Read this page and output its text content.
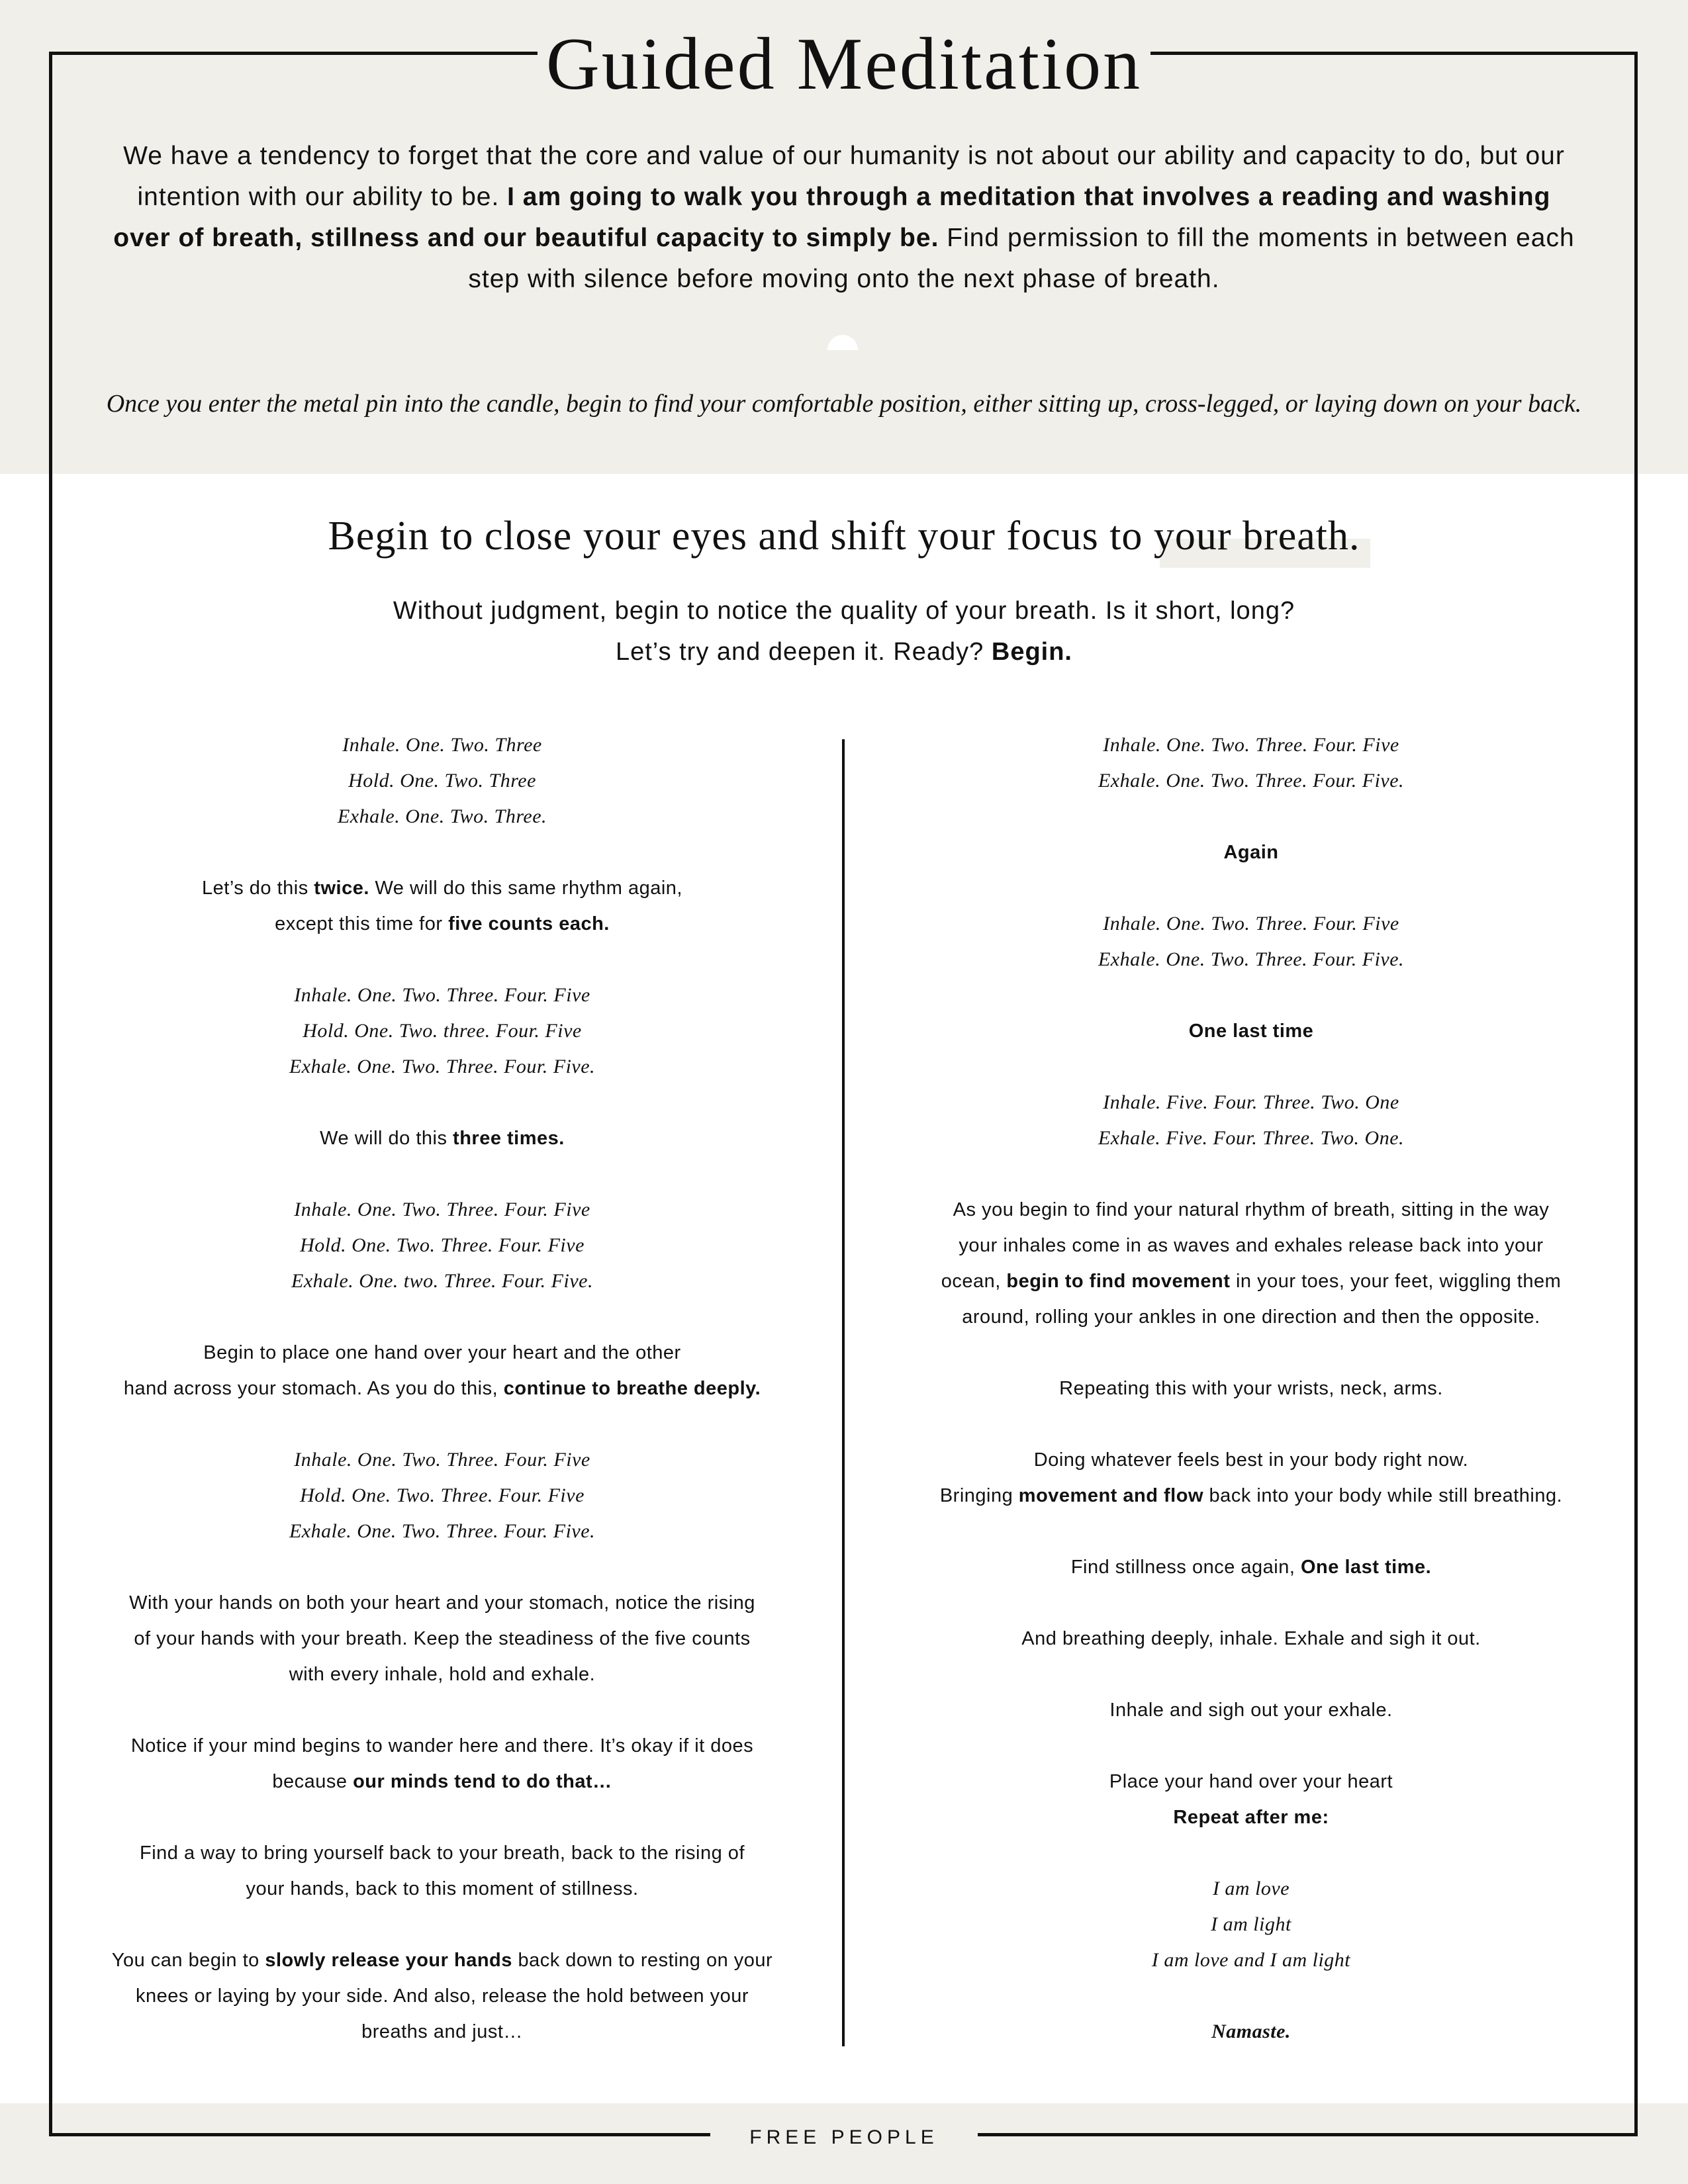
Guided Meditation

We have a tendency to forget that the core and value of our humanity is not about our ability and capacity to do, but our intention with our ability to be. I am going to walk you through a meditation that involves a reading and washing over of breath, stillness and our beautiful capacity to simply be. Find permission to fill the moments in between each step with silence before moving onto the next phase of breath.

Once you enter the metal pin into the candle, begin to find your comfortable position, either sitting up, cross-legged, or laying down on your back.

Begin to close your eyes and shift your focus to your breath.

Without judgment, begin to notice the quality of your breath. Is it short, long?
Let’s try and deepen it. Ready? Begin.

Inhale. One. Two. Three
Hold. One. Two. Three
Exhale. One. Two. Three.

Let’s do this twice. We will do this same rhythm again,
except this time for five counts each.

Inhale. One. Two. Three. Four. Five
Hold. One. Two. three. Four. Five
Exhale. One. Two. Three. Four. Five.

We will do this three times.

Inhale. One. Two. Three. Four. Five
Hold. One. Two. Three. Four. Five
Exhale. One. two. Three. Four. Five.

Begin to place one hand over your heart and the other
hand across your stomach. As you do this, continue to breathe deeply.

Inhale. One. Two. Three. Four. Five
Hold. One. Two. Three. Four. Five
Exhale. One. Two. Three. Four. Five.

With your hands on both your heart and your stomach, notice the rising
of your hands with your breath. Keep the steadiness of the five counts
with every inhale, hold and exhale.

Notice if your mind begins to wander here and there. It’s okay if it does
because our minds tend to do that…

Find a way to bring yourself back to your breath, back to the rising of
your hands, back to this moment of stillness.

You can begin to slowly release your hands back down to resting on your
knees or laying by your side. And also, release the hold between your
breaths and just…

Inhale. One. Two. Three. Four. Five
Exhale. One. Two. Three. Four. Five.

Again

Inhale. One. Two. Three. Four. Five
Exhale. One. Two. Three. Four. Five.

One last time

Inhale. Five. Four. Three. Two. One
Exhale. Five. Four. Three. Two. One.

As you begin to find your natural rhythm of breath, sitting in the way
your inhales come in as waves and exhales release back into your
ocean, begin to find movement in your toes, your feet, wiggling them
around, rolling your ankles in one direction and then the opposite.

Repeating this with your wrists, neck, arms.

Doing whatever feels best in your body right now.
Bringing movement and flow back into your body while still breathing.

Find stillness once again, One last time.

And breathing deeply, inhale. Exhale and sigh it out.

Inhale and sigh out your exhale.

Place your hand over your heart
Repeat after me:

I am love
I am light
I am love and I am light

Namaste.

FREE PEOPLE
